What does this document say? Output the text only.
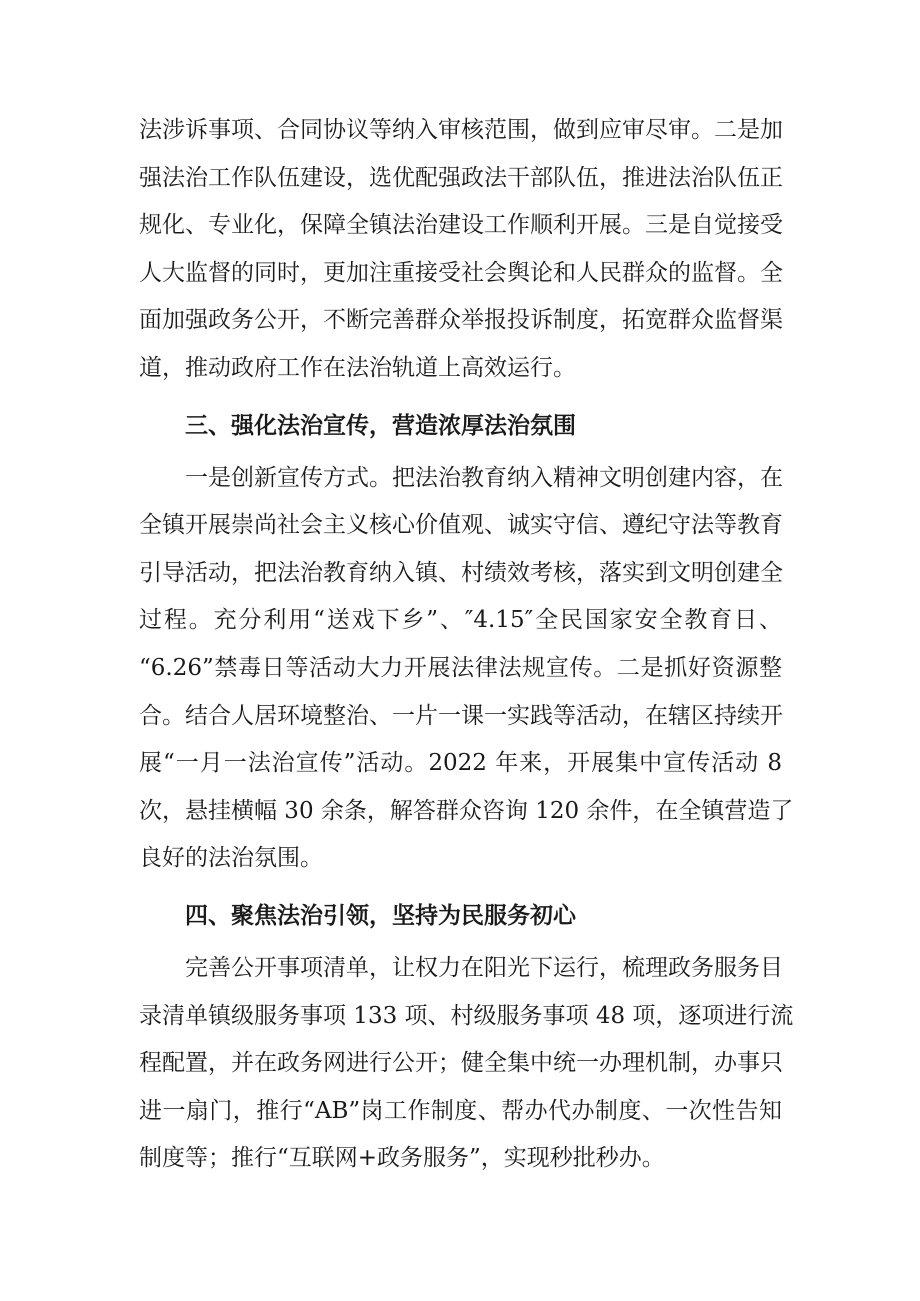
法涉诉事项、合同协议等纳入审核范围，做到应审尽审。二是加
强法治工作队伍建设，选优配强政法干部队伍，推进法治队伍正
规化、专业化，保障全镇法治建设工作顺利开展。三是自觉接受
人大监督的同时，更加注重接受社会舆论和人民群众的监督。全
面加强政务公开，不断完善群众举报投诉制度，拓宽群众监督渠
道，推动政府工作在法治轨道上高效运行。
三、强化法治宣传，营造浓厚法治氛围
一是创新宣传方式。把法治教育纳入精神文明创建内容，在
全镇开展崇尚社会主义核心价值观、诚实守信、遵纪守法等教育
引导活动，把法治教育纳入镇、村绩效考核，落实到文明创建全
过程。充分利用“送戏下乡”、″4.15″全民国家安全教育日、
“6.26”禁毒日等活动大力开展法律法规宣传。二是抓好资源整
合。结合人居环境整治、一片一课一实践等活动，在辖区持续开
展“一月一法治宣传”活动。2022 年来，开展集中宣传活动 8
次，悬挂横幅 30 余条，解答群众咨询 120 余件，在全镇营造了
良好的法治氛围。
四、聚焦法治引领，坚持为民服务初心
完善公开事项清单，让权力在阳光下运行，梳理政务服务目
录清单镇级服务事项 133 项、村级服务事项 48 项，逐项进行流
程配置，并在政务网进行公开；健全集中统一办理机制，办事只
进一扇门，推行“AB”岗工作制度、帮办代办制度、一次性告知
制度等；推行“互联网+政务服务”，实现秒批秒办。
